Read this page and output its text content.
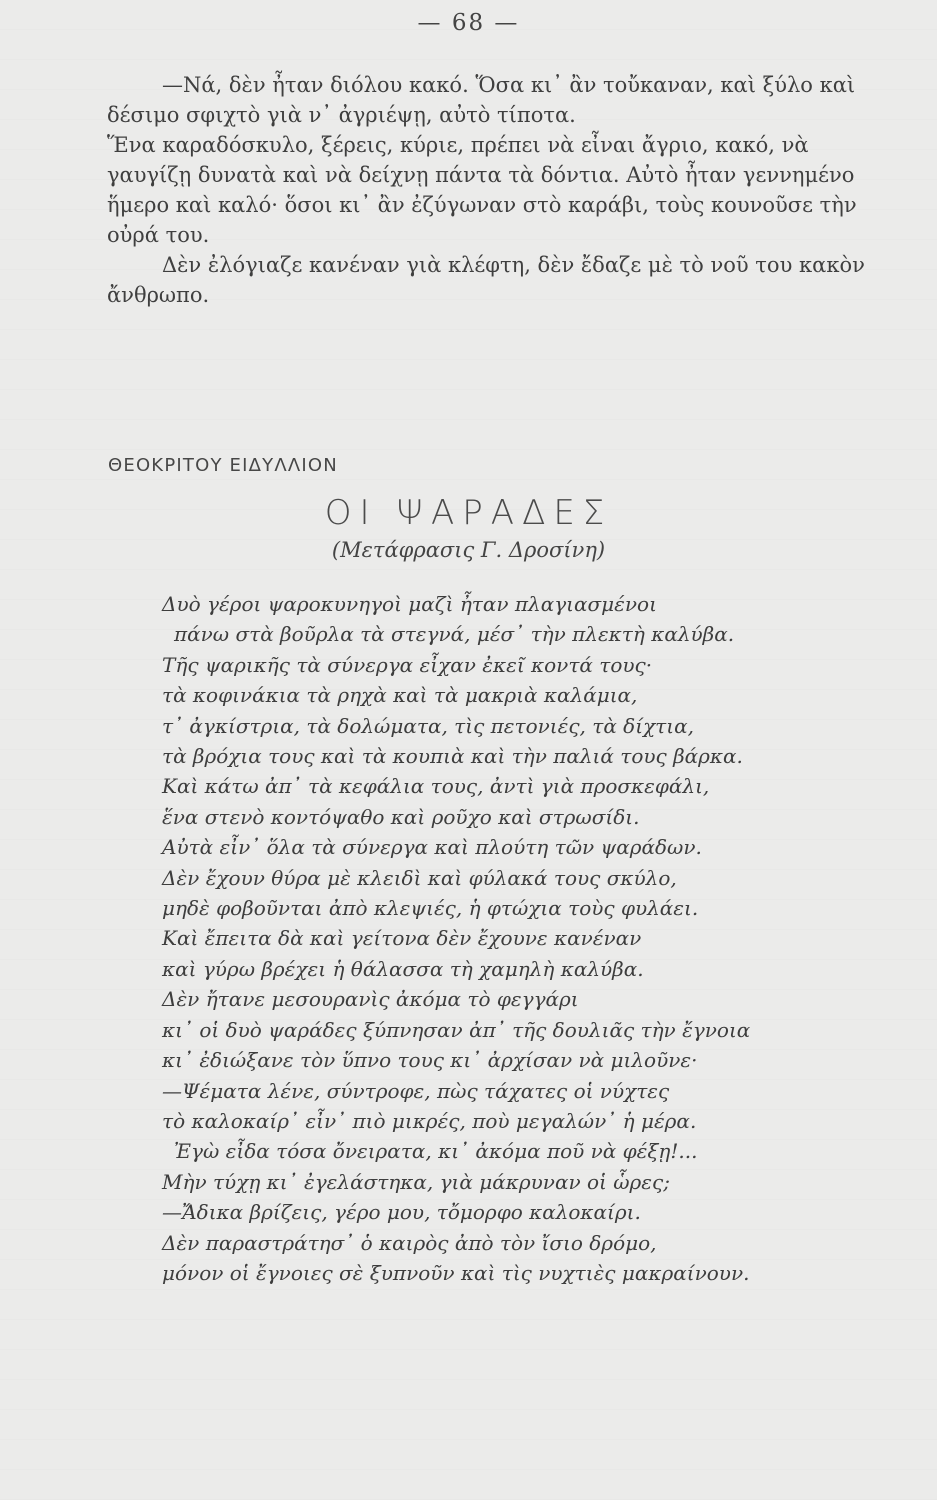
— 68 —

—Νά, δὲν ἦταν διόλου κακό. Ὅσα κι᾽ ἂν τοὔκαναν, καὶ ξύλο καὶ δέσιμο σφιχτὸ γιὰ ν᾽ ἀγριέψῃ, αὐτὸ τίποτα.

Ἕνα καραδόσκυλο, ξέρεις, κύριε, πρέπει νὰ εἶναι ἄγριο, κακό, νὰ γαυγίζῃ δυνατὰ καὶ νὰ δείχνῃ πάντα τὰ δόντια. Αὐτὸ ἦταν γεννημένο ἥμερο καὶ καλό· ὅσοι κι᾽ ἂν ἐζύγωναν στὸ καράβι, τοὺς κουνοῦσε τὴν οὐρά του.

Δὲν ἐλόγιαζε κανέναν γιὰ κλέφτη, δὲν ἔδαζε μὲ τὸ νοῦ του κακὸν ἄνθρωπο.

ΘΕΟΚΡΙΤΟΥ ΕΙΔΥΛΛΙΟΝ
ΟΙ ΨΑΡΑΔΕΣ
(Μετάφρασις Γ. Δροσίνη)
Δυὸ γέροι ψαροκυνηγοὶ μαζὶ ἦταν πλαγιασμένοι
πάνω στὰ βοῦρλα τὰ στεγνά, μέσ᾽ τὴν πλεκτὴ καλύβα.
Τῆς ψαρικῆς τὰ σύνεργα εἶχαν ἐκεῖ κοντά τους·
τὰ κοφινάκια τὰ ρηχὰ καὶ τὰ μακριὰ καλάμια,
τ᾽ ἀγκίστρια, τὰ δολώματα, τὶς πετονιές, τὰ δίχτια,
τὰ βρόχια τους καὶ τὰ κουπιὰ καὶ τὴν παλιά τους βάρκα.
Καὶ κάτω ἀπ᾽ τὰ κεφάλια τους, ἀντὶ γιὰ προσκεφάλι,
ἕνα στενὸ κοντόψαθο καὶ ροῦχο καὶ στρωσίδι.
Αὐτὰ εἶν᾽ ὅλα τὰ σύνεργα καὶ πλούτη τῶν ψαράδων.
Δὲν ἔχουν θύρα μὲ κλειδὶ καὶ φύλακά τους σκύλο,
μηδὲ φοβοῦνται ἀπὸ κλεψιές, ἡ φτώχια τοὺς φυλάει.
Καὶ ἔπειτα δὰ καὶ γείτονα δὲν ἔχουνε κανέναν
καὶ γύρω βρέχει ἡ θάλασσα τὴ χαμηλὴ καλύβα.
Δὲν ἤτανε μεσουρανὶς ἀκόμα τὸ φεγγάρι
κι᾽ οἱ δυὸ ψαράδες ξύπνησαν ἀπ᾽ τῆς δουλιᾶς τὴν ἔγνοια
κι᾽ ἐδιώξανε τὸν ὕπνο τους κι᾽ ἀρχίσαν νὰ μιλοῦνε·
—Ψέματα λένε, σύντροφε, πὼς τάχατες οἱ νύχτες
τὸ καλοκαίρ᾽ εἶν᾽ πιὸ μικρές, ποὺ μεγαλών᾽ ἡ μέρα.
Ἐγὼ εἶδα τόσα ὄνειρατα, κι᾽ ἀκόμα ποῦ νὰ φέξῃ!...
Μὴν τύχῃ κι᾽ ἐγελάστηκα, γιὰ μάκρυναν οἱ ὧρες;
—Ἄδικα βρίζεις, γέρο μου, τὄμορφο καλοκαίρι.
Δὲν παραστράτησ᾽ ὁ καιρὸς ἀπὸ τὸν ἴσιο δρόμο,
μόνον οἱ ἔγνοιες σὲ ξυπνοῦν καὶ τὶς νυχτιὲς μακραίνουν.
